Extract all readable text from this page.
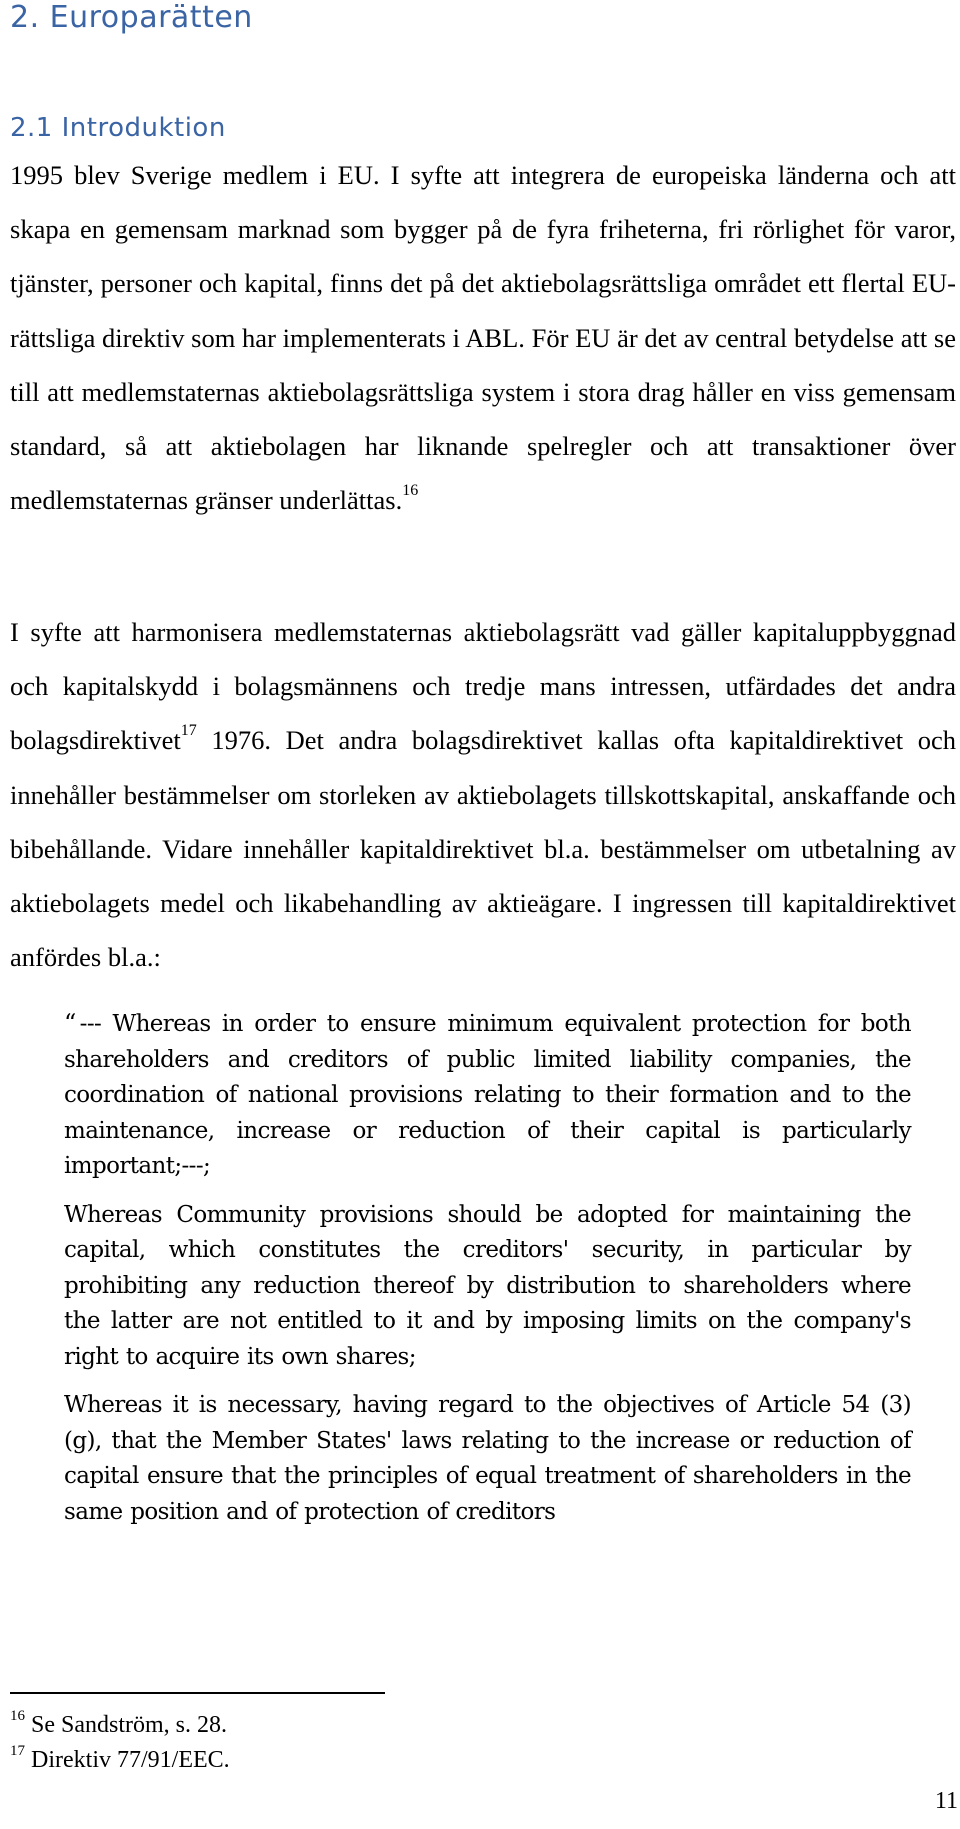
2. Europarätten
2.1 Introduktion

1995 blev Sverige medlem i EU. I syfte att integrera de europeiska länderna och att skapa en gemensam marknad som bygger på de fyra friheterna, fri rörlighet för varor, tjänster, personer och kapital, finns det på det aktiebolagsrättsliga området ett flertal EU- rättsliga direktiv som har implementerats i ABL. För EU är det av central betydelse att se till att medlemstaternas aktiebolagsrättsliga system i stora drag håller en viss gemensam standard, så att aktiebolagen har liknande spelregler och att transaktioner över medlemstaternas gränser underlättas.$^{16}$

I syfte att harmonisera medlemstaternas aktiebolagsrätt vad gäller kapitaluppbyggnad och kapitalskydd i bolagsmännens och tredje mans intressen, utfärdades det andra bolagsdirektivet$^{17}$ 1976. Det andra bolagsdirektivet kallas ofta kapitaldirektivet och innehåller bestämmelser om storleken av aktiebolagets tillskottskapital, anskaffande och bibehållande. Vidare innehåller kapitaldirektivet bl.a. bestämmelser om utbetalning av aktiebolagets medel och likabehandling av aktieägare. I ingressen till kapitaldirektivet anfördes bl.a.:

“ --- Whereas in order to ensure minimum equivalent protection for both shareholders and creditors of public limited liability companies, the coordination of national provisions relating to their formation and to the maintenance, increase or reduction of their capital is particularly important;---;

Whereas Community provisions should be adopted for maintaining the capital, which constitutes the creditors' security, in particular by prohibiting any reduction thereof by distribution to shareholders where the latter are not entitled to it and by imposing limits on the company's right to acquire its own shares;

Whereas it is necessary, having regard to the objectives of Article 54 (3) (g), that the Member States' laws relating to the increase or reduction of capital ensure that the principles of equal treatment of shareholders in the same position and of protection of creditors

$^{16}$ Se Sandström, s. 28.
$^{17}$ Direktiv 77/91/EEC.
11
